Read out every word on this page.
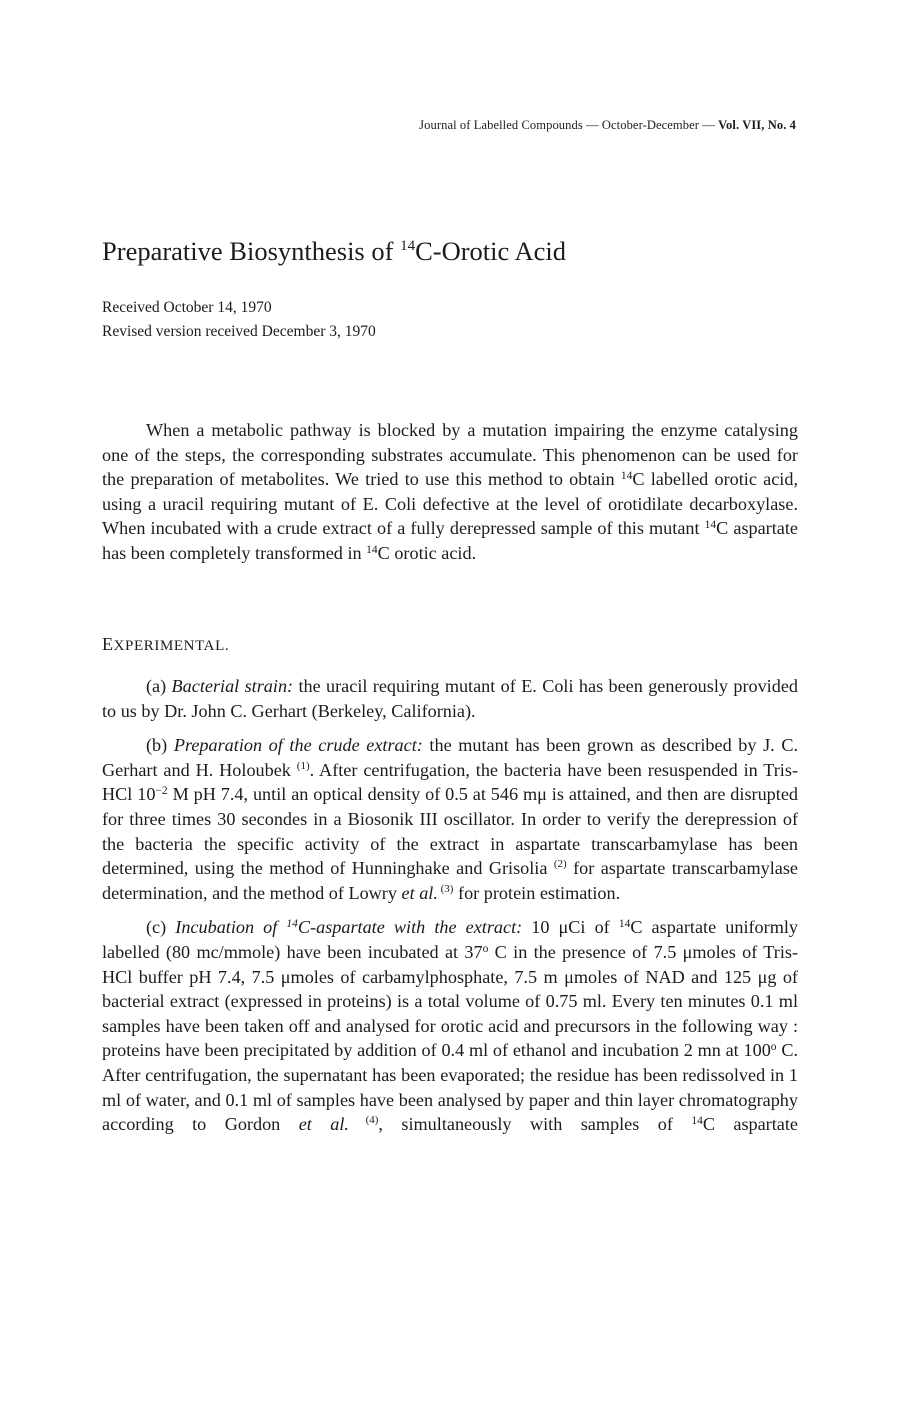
Journal of Labelled Compounds — October-December — Vol. VII, No. 4
Preparative Biosynthesis of $^{14}$C-Orotic Acid
Received October 14, 1970
Revised version received December 3, 1970

When a metabolic pathway is blocked by a mutation impairing the enzyme catalysing one of the steps, the corresponding substrates accumulate. This phenomenon can be used for the preparation of metabolites. We tried to use this method to obtain $^{14}$C labelled orotic acid, using a uracil requiring mutant of E. Coli defective at the level of orotidilate decarboxylase. When incubated with a crude extract of a fully derepressed sample of this mutant $^{14}$C aspartate has been completely transformed in $^{14}$C orotic acid.

EXPERIMENTAL.

(a) Bacterial strain: the uracil requiring mutant of E. Coli has been generously provided to us by Dr. John C. Gerhart (Berkeley, California).

(b) Preparation of the crude extract: the mutant has been grown as described by J. C. Gerhart and H. Holoubek $^{(1)}$. After centrifugation, the bacteria have been resuspended in Tris-HCl $10^{-2}$ M pH 7.4, until an optical density of 0.5 at 546 mμ is attained, and then are disrupted for three times 30 secondes in a Biosonik III oscillator. In order to verify the derepression of the bacteria the specific activity of the extract in aspartate transcarbamylase has been determined, using the method of Hunninghake and Grisolia $^{(2)}$ for aspartate transcarbamylase determination, and the method of Lowry et al. $^{(3)}$ for protein estimation.

(c) Incubation of $^{14}$C-aspartate with the extract: 10 μCi of $^{14}$C aspartate uniformly labelled (80 mc/mmole) have been incubated at 37$^o$ C in the presence of 7.5 μmoles of Tris-HCl buffer pH 7.4, 7.5 μmoles of carbamylphosphate, 7.5 m μmoles of NAD and 125 μg of bacterial extract (expressed in proteins) is a total volume of 0.75 ml. Every ten minutes 0.1 ml samples have been taken off and analysed for orotic acid and precursors in the following way : proteins have been precipitated by addition of 0.4 ml of ethanol and incubation 2 mn at 100$^o$ C. After centrifugation, the supernatant has been evaporated; the residue has been redissolved in 1 ml of water, and 0.1 ml of samples have been analysed by paper and thin layer chromatography according to Gordon et al. $^{(4)}$, simultaneously with samples of $^{14}$C aspartate
